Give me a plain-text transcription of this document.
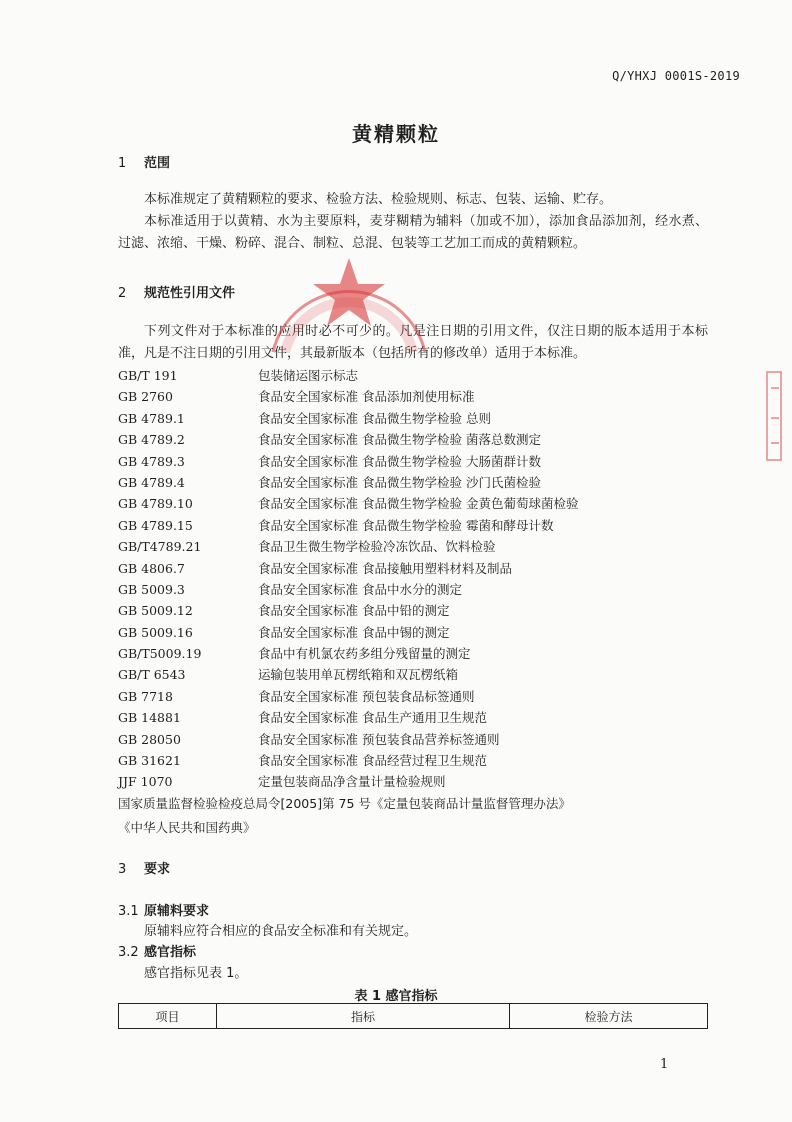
Q/YHXJ 0001S-2019
黄精颗粒
1 范围
本标准规定了黄精颗粒的要求、检验方法、检验规则、标志、包装、运输、贮存。
本标准适用于以黄精、水为主要原料，麦芽糊精为辅料（加或不加），添加食品添加剂，经水煮、过滤、浓缩、干燥、粉碎、混合、制粒、总混、包装等工艺加工而成的黄精颗粒。
2 规范性引用文件
下列文件对于本标准的应用时必不可少的。凡是注日期的引用文件，仅注日期的版本适用于本标准，凡是不注日期的引用文件，其最新版本（包括所有的修改单）适用于本标准。
GB/T 191	包装储运图示标志
GB 2760	食品安全国家标准 食品添加剂使用标准
GB 4789.1	食品安全国家标准 食品微生物学检验 总则
GB 4789.2	食品安全国家标准 食品微生物学检验 菌落总数测定
GB 4789.3	食品安全国家标准 食品微生物学检验 大肠菌群计数
GB 4789.4	食品安全国家标准 食品微生物学检验 沙门氏菌检验
GB 4789.10	食品安全国家标准 食品微生物学检验 金黄色葡萄球菌检验
GB 4789.15	食品安全国家标准 食品微生物学检验 霉菌和酵母计数
GB/T4789.21	食品卫生微生物学检验冷冻饮品、饮料检验
GB 4806.7	食品安全国家标准 食品接触用塑料材料及制品
GB 5009.3	食品安全国家标准 食品中水分的测定
GB 5009.12	食品安全国家标准 食品中铅的测定
GB 5009.16	食品安全国家标准 食品中锡的测定
GB/T5009.19	食品中有机氯农药多组分残留量的测定
GB/T 6543	运输包装用单瓦楞纸箱和双瓦楞纸箱
GB 7718	食品安全国家标准 预包装食品标签通则
GB 14881	食品安全国家标准 食品生产通用卫生规范
GB 28050	食品安全国家标准 预包装食品营养标签通则
GB 31621	食品安全国家标准 食品经营过程卫生规范
JJF 1070	定量包装商品净含量计量检验规则
国家质量监督检验检疫总局令[2005]第 75 号《定量包装商品计量监督管理办法》
《中华人民共和国药典》
3 要求
3.1 原辅料要求
原辅料应符合相应的食品安全标准和有关规定。
3.2 感官指标
感官指标见表 1。
表 1 感官指标
项目	指标	检验方法
1
